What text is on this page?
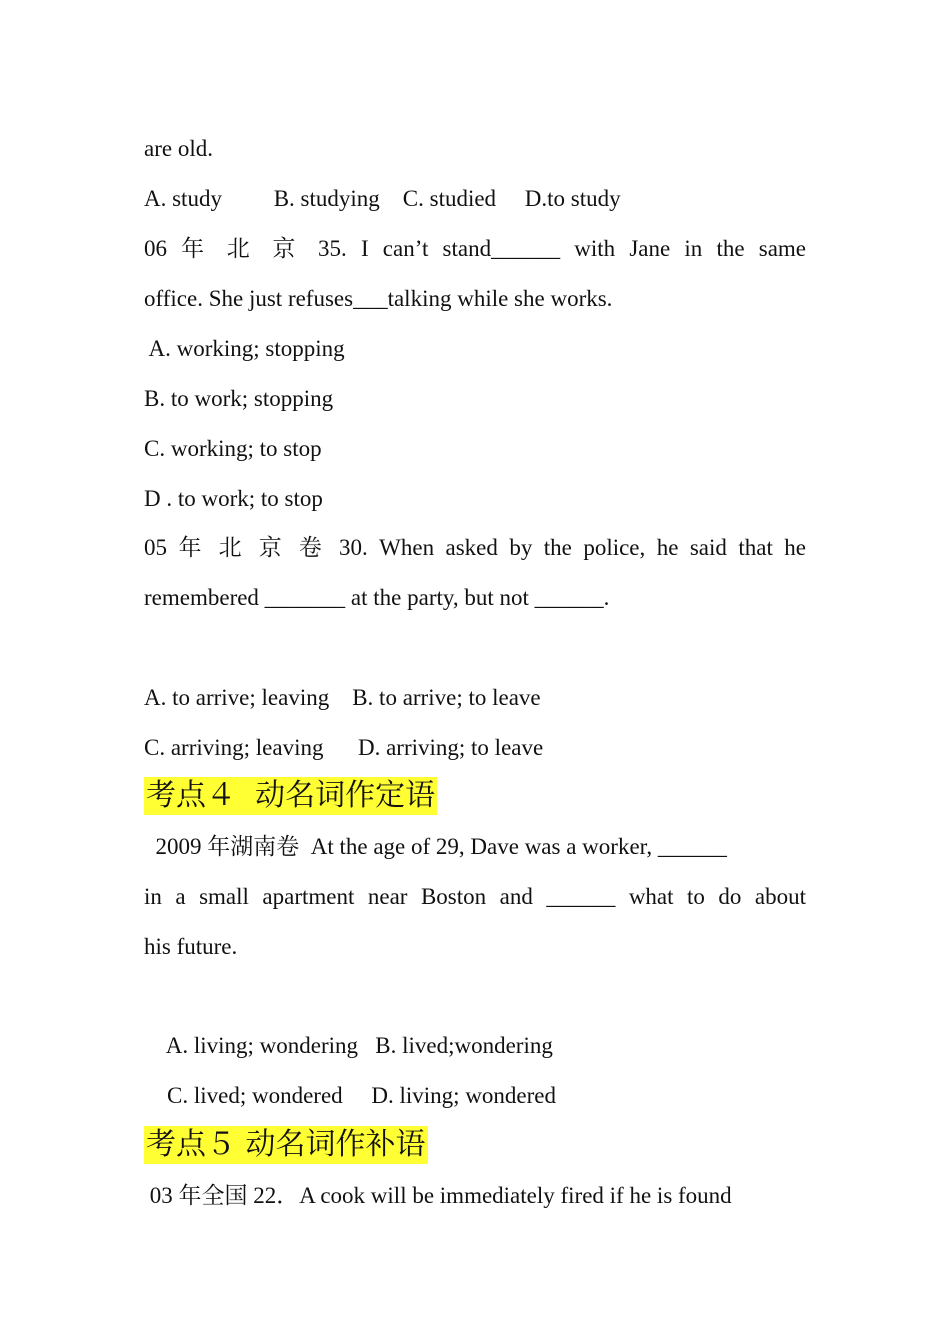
are old.
A. study         B. studying    C. studied     D.to study
06 年 北 京 35. I can’t stand______ with Jane in the same
office. She just refuses___talking while she works.
A. working; stopping
B. to work; stopping
C. working; to stop
D . to work; to stop
05 年 北 京 卷 30. When asked by the police, he said that he
remembered _______ at the party, but not ______.
A. to arrive; leaving    B. to arrive; to leave
C. arriving; leaving      D. arriving; to leave
考点４  动名词作定语
2009 年湖南卷  At the age of 29, Dave was a worker, ______
in a small apartment near Boston and ______ what to do about
his future.
A. living; wondering   B. lived;wondering
C. lived; wondered     D. living; wondered
考点５ 动名词作补语
03 年全国 22．A cook will be immediately fired if he is found
